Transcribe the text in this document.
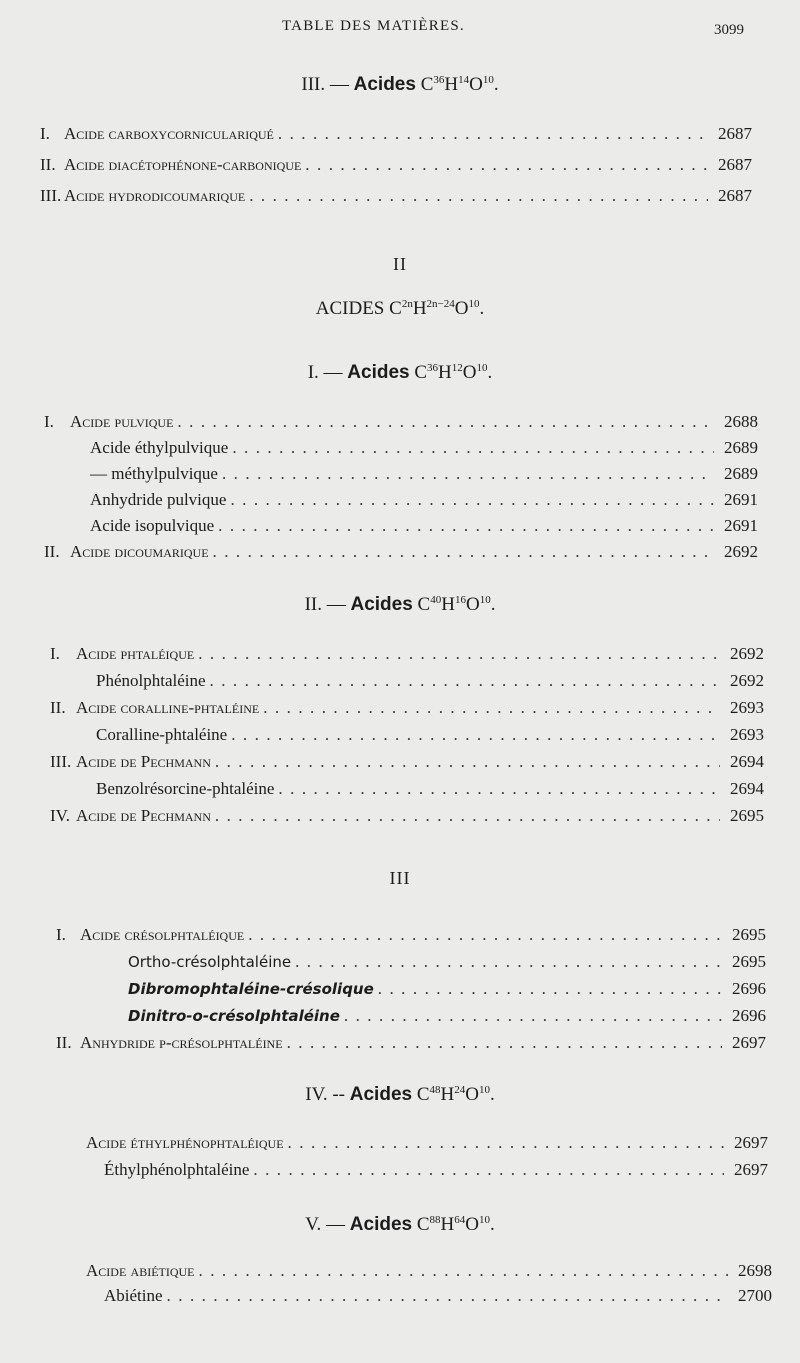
TABLE DES MATIÈRES.	3099
III. — Acides $C^{36}H^{14}O^{10}$.
II
ACIDES $C^{2n}H^{2n-24}O^{10}$.
I. — Acides $C^{36}H^{12}O^{10}$.
II. — Acides $C^{40}H^{16}O^{10}$.
III
IV. -- Acides $C^{48}H^{24}O^{10}$.
V. — Acides $C^{88}H^{64}O^{10}$.
I. Acide carboxycorniculariqué	2687
. . .
II. Acide diacétophénone-carbonique	2687
. . .
III. Acide hydrodicoumarique	2687
. . .
I. Acide pulvique	2688
. . .
Acide éthylpulvique	2689
. . .
— méthylpulvique	2689
. . .
Anhydride pulvique	2691
. . .
Acide isopulvique	2691
. . .
II. Acide dicoumarique	2692
. . .
I. Acide phtaléique	2692
. . .
Phénolphtaléine	2692
. . .
II. Acide coralline-phtaléine	2693
. . .
Coralline-phtaléine	2693
. . .
III. Acide de Pechmann	2694
. . .
Benzolrésorcine-phtaléine	2694
. . .
IV. Acide de Pechmann	2695
. . .
I. Acide crésolphtaléique	2695
. . .
Ortho-crésolphtaléine	2695
. . .
Dibromophtaléine-crésolique	2696
. . .
Dinitro-o-crésolphtaléine	2696
. . .
II. Anhydride p-crésolphtaléine	2697
. . .
Acide éthylphénophtaléique	2697
. . .
Éthylphénolphtaléine	2697
. . .
Acide abiétique	2698
. . .
Abiétine	2700
. . .
